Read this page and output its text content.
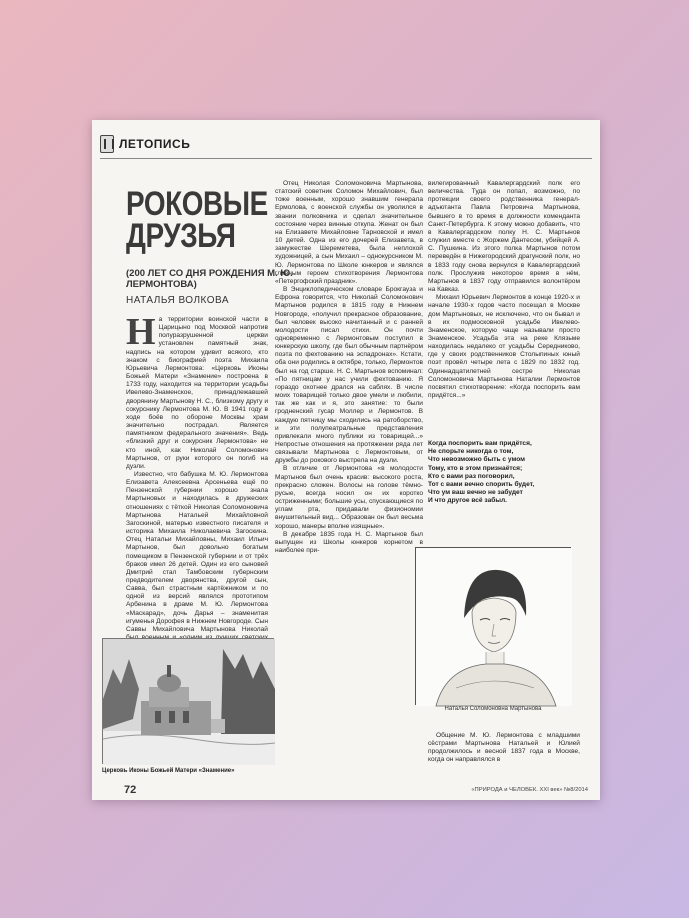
ЛЕТОПИСЬ
РОКОВЫЕ
ДРУЗЬЯ
(200 ЛЕТ СО ДНЯ РОЖДЕНИЯ М. Ю. ЛЕРМОНТОВА)
НАТАЛЬЯ ВОЛКОВА
Н а территории воинской части в Царицыно под Москвой напротив полуразрушенной церкви установлен памятный знак, надпись на котором удивит всякого, кто знаком с биографией поэта Михаила Юрьевича Лермонтова: «Церковь Иконы Божьей Матери «Знамение» построена в 1733 году, находится на территории усадьбы Ивелево-Знаменское, принадлежавшей дворянину Мартынову Н. С., близкому другу и сокурснику Лермонтова М. Ю. В 1941 году в ходе боёв по обороне Москвы храм значительно пострадал. Является памятником федерального значения». Ведь «близкий друг и сокурсник Лермонтова» не кто иной, как Николай Соломонович Мартынов, от руки которого он погиб на дуэли.

Известно, что бабушка М. Ю. Лермонтова Елизавета Алексеевна Арсеньева ещё по Пензенской губернии хорошо знала Мартыновых и находилась в дружеских отношениях с тёткой Николая Соломоновича Мартынова Натальей Михайловной Загоскиной, матерью известного писателя и историка Михаила Николаевича Загоскина. Отец Натальи Михайловны, Михаил Ильич Мартынов, был довольно богатым помещиком в Пензенской губернии и от трёх браков имел 26 детей. Один из его сыновей Дмитрий стал Тамбовским губернским предводителем дворянства, другой сын, Савва, был страстным картёжником и по одной из версий являлся прототипом Арбенина в драме М. Ю. Лермонтова «Маскарад», дочь Дарья – знаменитая игуменья Дорофея в Нижнем Новгороде. Сын Саввы Михайловича Мартынова Николай

Отец Николая Соломоновича Мартынова, статский советник Соломон Михайлович, был тоже военным, хорошо знавшим генерала Ермолова, с военской службы он уволился в звании полковника и сделал значительное состояние через винные откупа. Женат он был на Елизавете Михайловне Тарновской и имел 10 детей. Одна из его дочерей Елизавета, в замужестве Шереметева, была неплохой художницей, а сын Михаил – однокурсником М. Ю. Лермонтова по Школе юнкеров и являлся главным героем стихотворения Лермонтова «Петергофский праздник».

В Энциклопедическом словаре Брокгауза и Ефрона говорится, что Николай Соломонович Мартынов родился в 1815 году в Нижнем Новгороде, «получил прекрасное образование, был человек высоко начитанный и с ранней молодости писал стихи. Он почти одновременно с Лермонтовым поступил в юнкерскую школу, где был обычным партнёром поэта по фехтованию на эспадронах». Кстати, оба они родились в октябре, только, Лермонтов был на год старше. Н. С. Мартынов вспоминал: «По пятницам у нас учили фехтованию. Я гораздо охотнее дрался на саблях. В числе моих товарищей только двое умели и любили, так же как и я, это занятие: то были гродненский гусар Моллер и Лермонтов. В каждую пятницу мы сходились на ратоборство, и эти полупеатральные представления привлекали много публики из товарищей...» Непростые отношения на протяжении ряда лет связывали Мартынова с Лермонтовым, от дружбы до рокового выстрела на дуэли.

В отличие от Лермонтова «в молодости Мартынов был очень красив: высокого роста, прекрасно сложен. Волосы на голове тёмно-русые, всегда носил он их коротко остриженными; большие усы, спускающиеся по углам рта, придавали физиономии внушительный вид... Образован он был весьма хорошо, манеры вполне изящные».

В декабре 1835 года Н. С. Мартынов был выпущен из Школы юнкеров корнетом в наиболее при-

вилегированный Кавалергардский полк его величества. Туда он попал, возможно, по протекции своего родственника генерал-адъютанта Павла Петровича Мартынова, бывшего в то время в должности коменданта Санкт-Петербурга. К этому можно добавить, что в Кавалергардском полку Н. С. Мартынов служил вместе с Жоржем Дантесом, убийцей А. С. Пушкина. Из этого полка Мартынов потом переведён в Нижегородский драгунский полк, но в 1833 году снова вернулся в Кавалергардский полк. Прослужив некоторое время в нём, Мартынов в 1837 году отправился волонтёром на Кавказ.

Михаил Юрьевич Лермонтов в конце 1920-х и начале 1930-х годов часто посещал в Москве дом Мартыновых, не исключено, что он бывал и в их подмосковной усадьбе Ивелево-Знаменское, которую чаще называли просто Знаменское. Усадьба эта на реке Клязьме находилась недалеко от усадьбы Середниково, где у своих родственников Столыпиных юный поэт провёл четыре лета с 1829 по 1832 год. Одиннадцатилетней сестре Николая Соломоновича Мартынова Наталии Лермонтов посвятил стихотворение: «Когда поспорить вам придётся...»

Когда поспорить вам придётся,
Не спорьте никогда о том,
Что невозможно быть с умом
Тому, кто в этом признаётся;
Кто с вами раз поговорил,
Тот с вами вечно спорить будет,
Что ум ваш вечно не забудет
И что другое всё забыл.
Церковь Иконы Божьей Матери «Знамение»
Наталья Соломоновна Мартынова

Общение М. Ю. Лермонтова с младшими сёстрами Мартынова Натальей и Юлией продолжилось и весной 1837 года в Москве, когда он направлялся в

72	«ПРИРОДА и ЧЕЛОВЕК. XXI век» №8/2014
